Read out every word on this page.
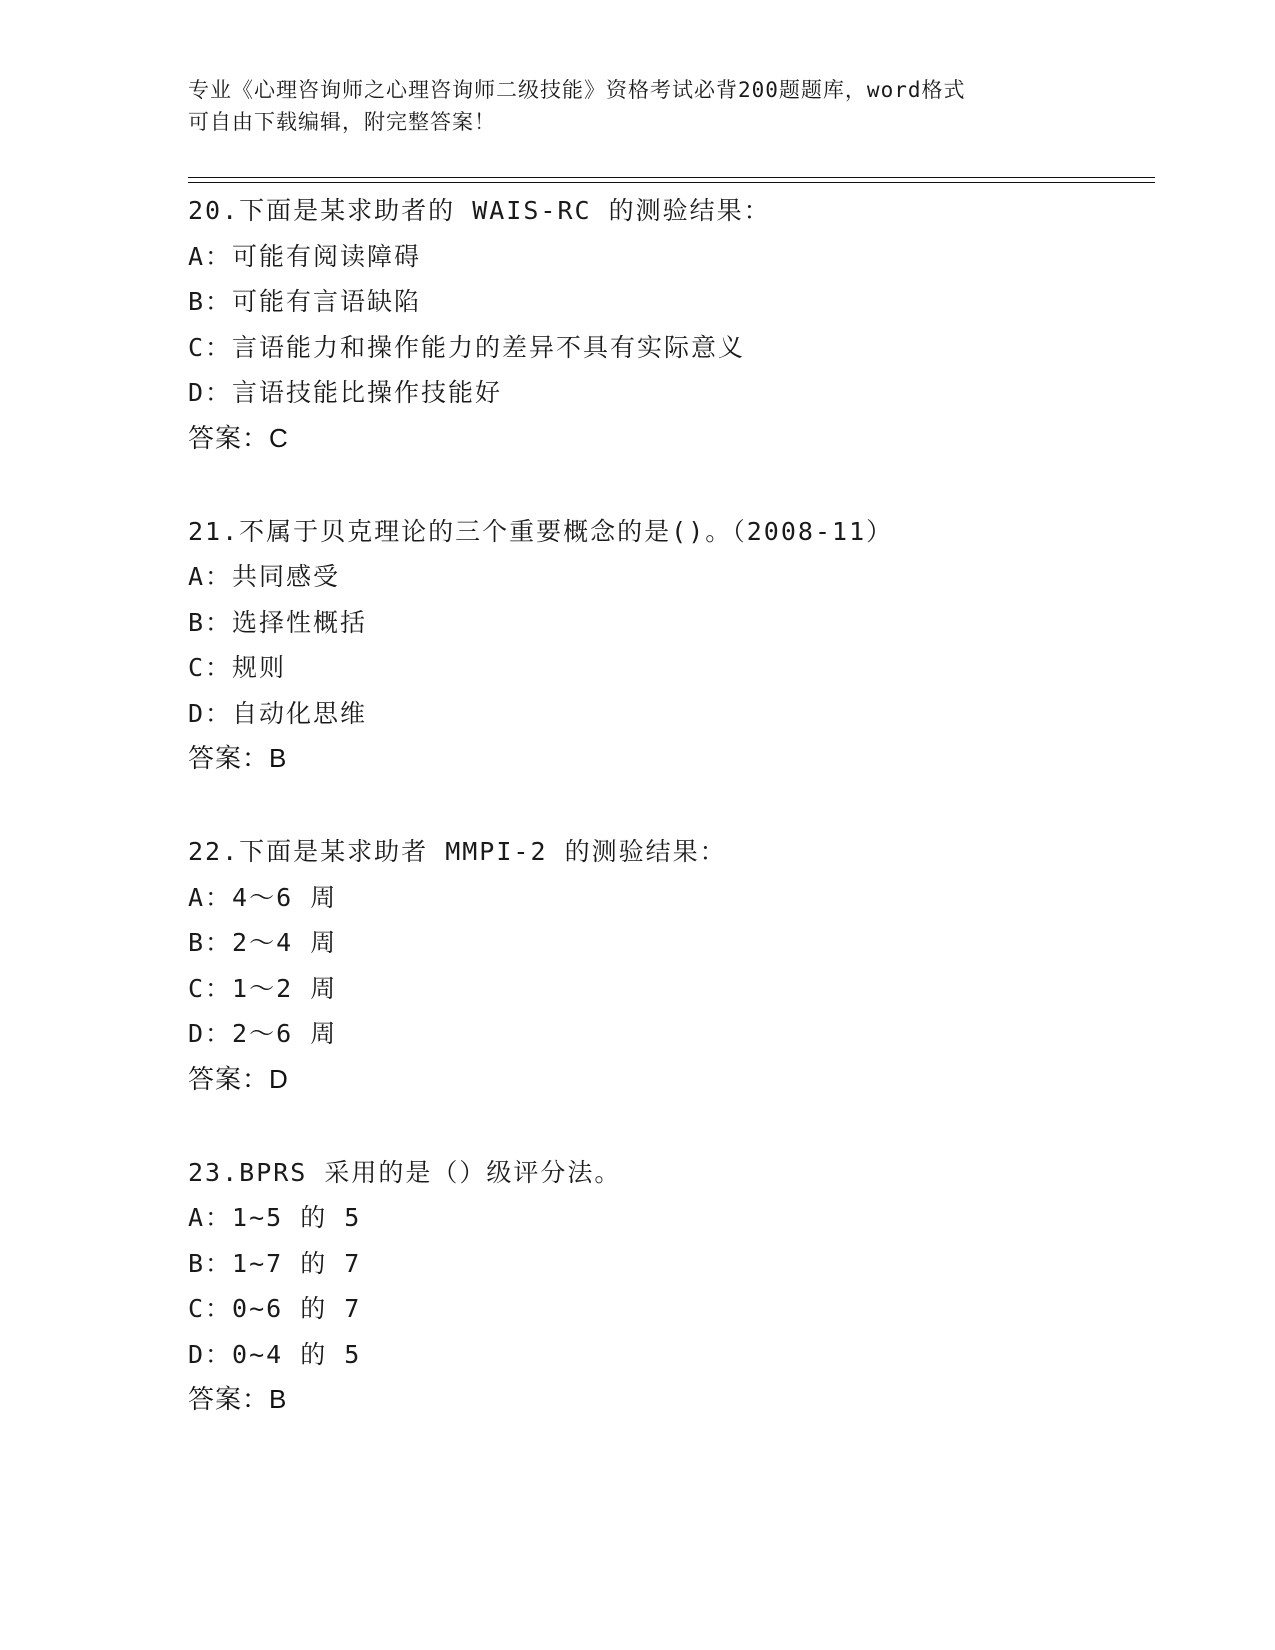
专业《心理咨询师之心理咨询师二级技能》资格考试必背200题题库，word格式
可自由下载编辑，附完整答案！
20.下面是某求助者的 WAIS-RC 的测验结果：
A：可能有阅读障碍
B：可能有言语缺陷
C：言语能力和操作能力的差异不具有实际意义
D：言语技能比操作技能好
答案：C
21.不属于贝克理论的三个重要概念的是()。（2008-11）
A：共同感受
B：选择性概括
C：规则
D：自动化思维
答案：B
22.下面是某求助者 MMPI-2 的测验结果：
A：4～6 周
B：2～4 周
C：1～2 周
D：2～6 周
答案：D
23.BPRS 采用的是（）级评分法。
A：1~5 的 5
B：1~7 的 7
C：0~6 的 7
D：0~4 的 5
答案：B
